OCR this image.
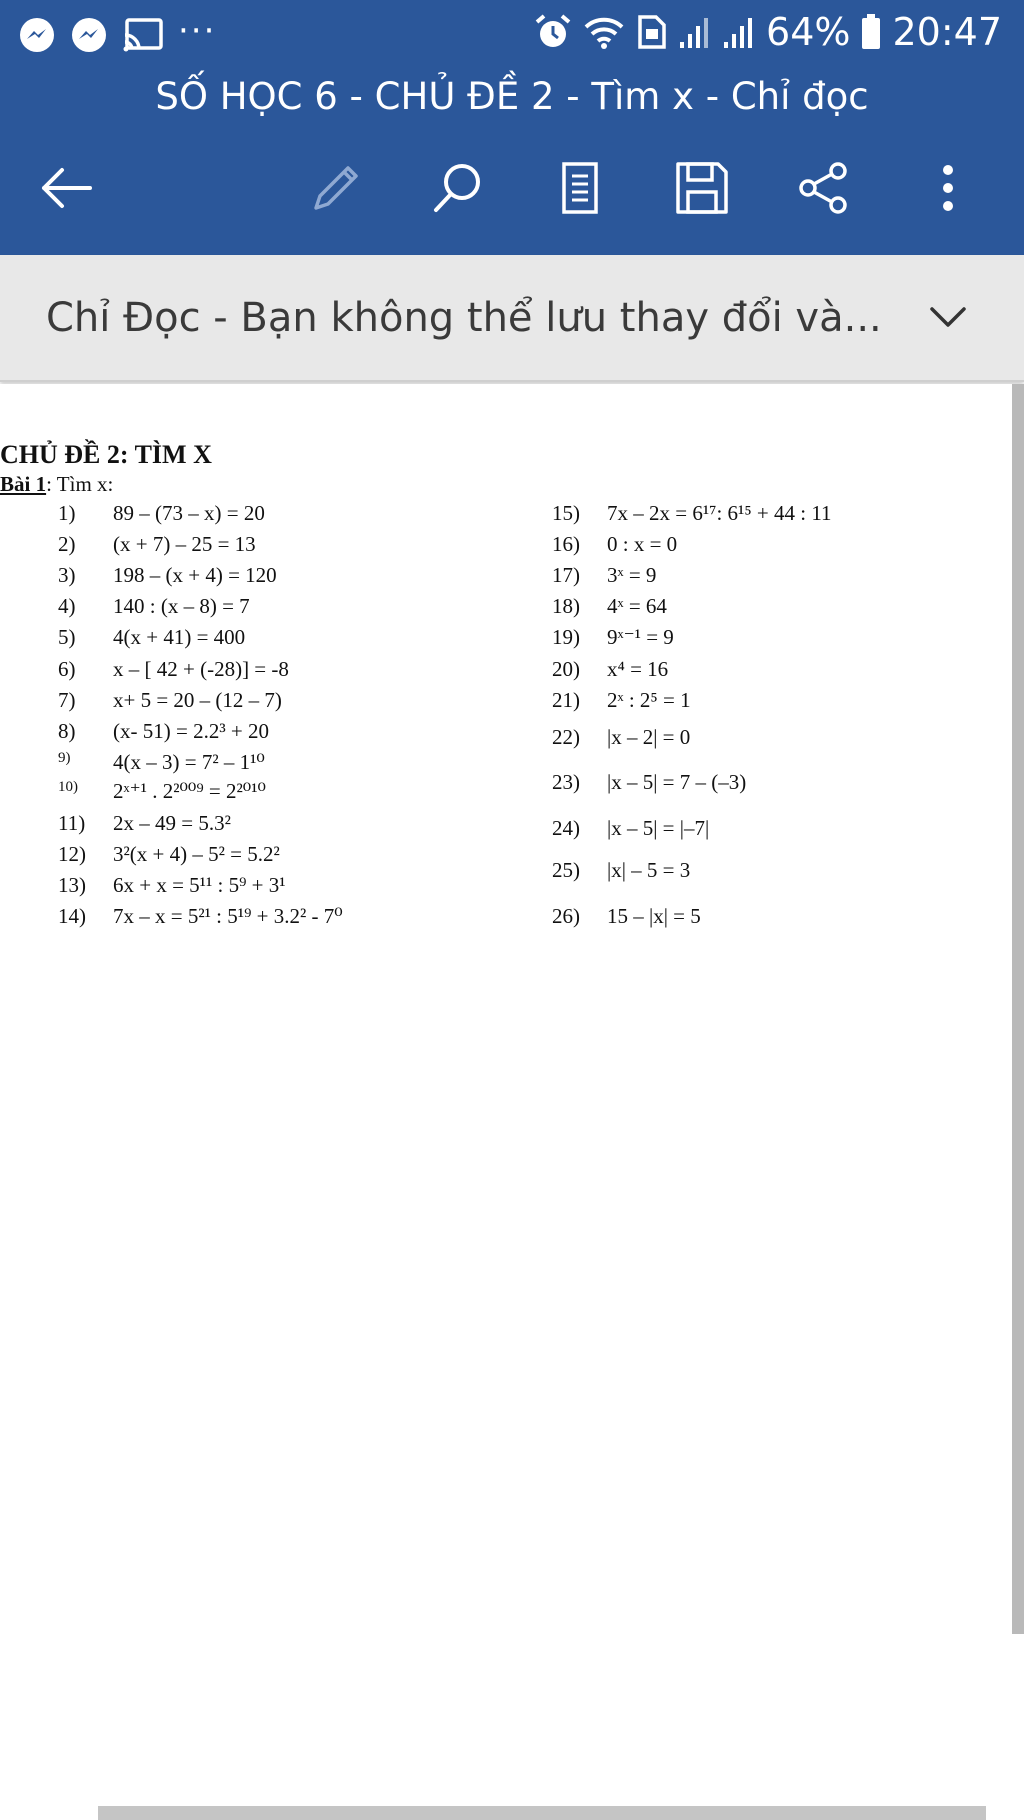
···	64% 20:47
SỐ HỌC 6 - CHỦ ĐỀ 2 - Tìm x - Chỉ đọc
Chỉ Đọc - Bạn không thể lưu thay đổi và...
CHỦ ĐỀ 2: TÌM X
Bài 1: Tìm x:
1) 89 – (73 – x) = 20
2) (x + 7) – 25 = 13
3) 198 – (x + 4) = 120
4) 140 : (x – 8) = 7
5) 4(x + 41) = 400
6) x – [ 42 + (-28)] = -8
7) x+ 5 = 20 – (12 – 7)
8) (x- 51) = 2.2³ + 20
9) 4(x – 3) = 7² – 1¹⁰
10) 2ˣ⁺¹ . 2²⁰⁰⁹ = 2²⁰¹⁰
11) 2x – 49 = 5.3²
12) 3²(x + 4) – 5² = 5.2²
13) 6x + x = 5¹¹ : 5⁹ + 3¹
14) 7x – x = 5²¹ : 5¹⁹ + 3.2² - 7⁰
15) 7x – 2x = 6¹⁷: 6¹⁵ + 44 : 11
16) 0 : x = 0
17) 3ˣ = 9
18) 4ˣ = 64
19) 9ˣ⁻¹ = 9
20) x⁴ = 16
21) 2ˣ : 2⁵ = 1
22) |x – 2| = 0
23) |x – 5| = 7 – (–3)
24) |x – 5| = |–7|
25) |x| – 5 = 3
26) 15 – |x| = 5
